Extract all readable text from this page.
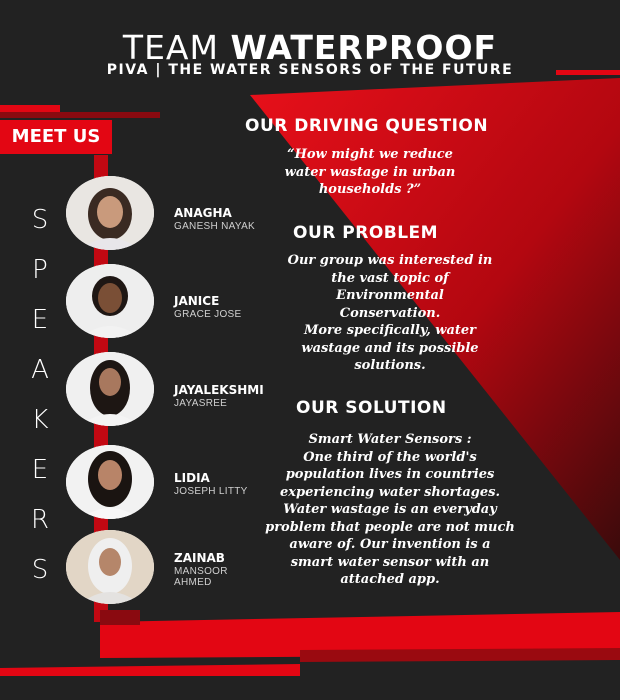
TEAM WATERPROOF
PIVA | THE WATER SENSORS OF THE FUTURE
MEET US
S
P
E
A
K
E
R
S
ANAGHA
GANESH NAYAK
JANICE
GRACE JOSE
JAYALEKSHMI
JAYASREE
LIDIA
JOSEPH LITTY
ZAINAB
MANSOOR
AHMED
OUR DRIVING QUESTION
“How might we reduce
water wastage in urban
households ?”
OUR PROBLEM
Our group was interested in
the vast topic of
Environmental
Conservation.
More specifically, water
wastage and its possible
solutions.
OUR SOLUTION
Smart Water Sensors :
One third of the world's
population lives in countries
experiencing water shortages.
Water wastage is an everyday
problem that people are not much
aware of. Our invention is a
smart water sensor with an
attached app.
